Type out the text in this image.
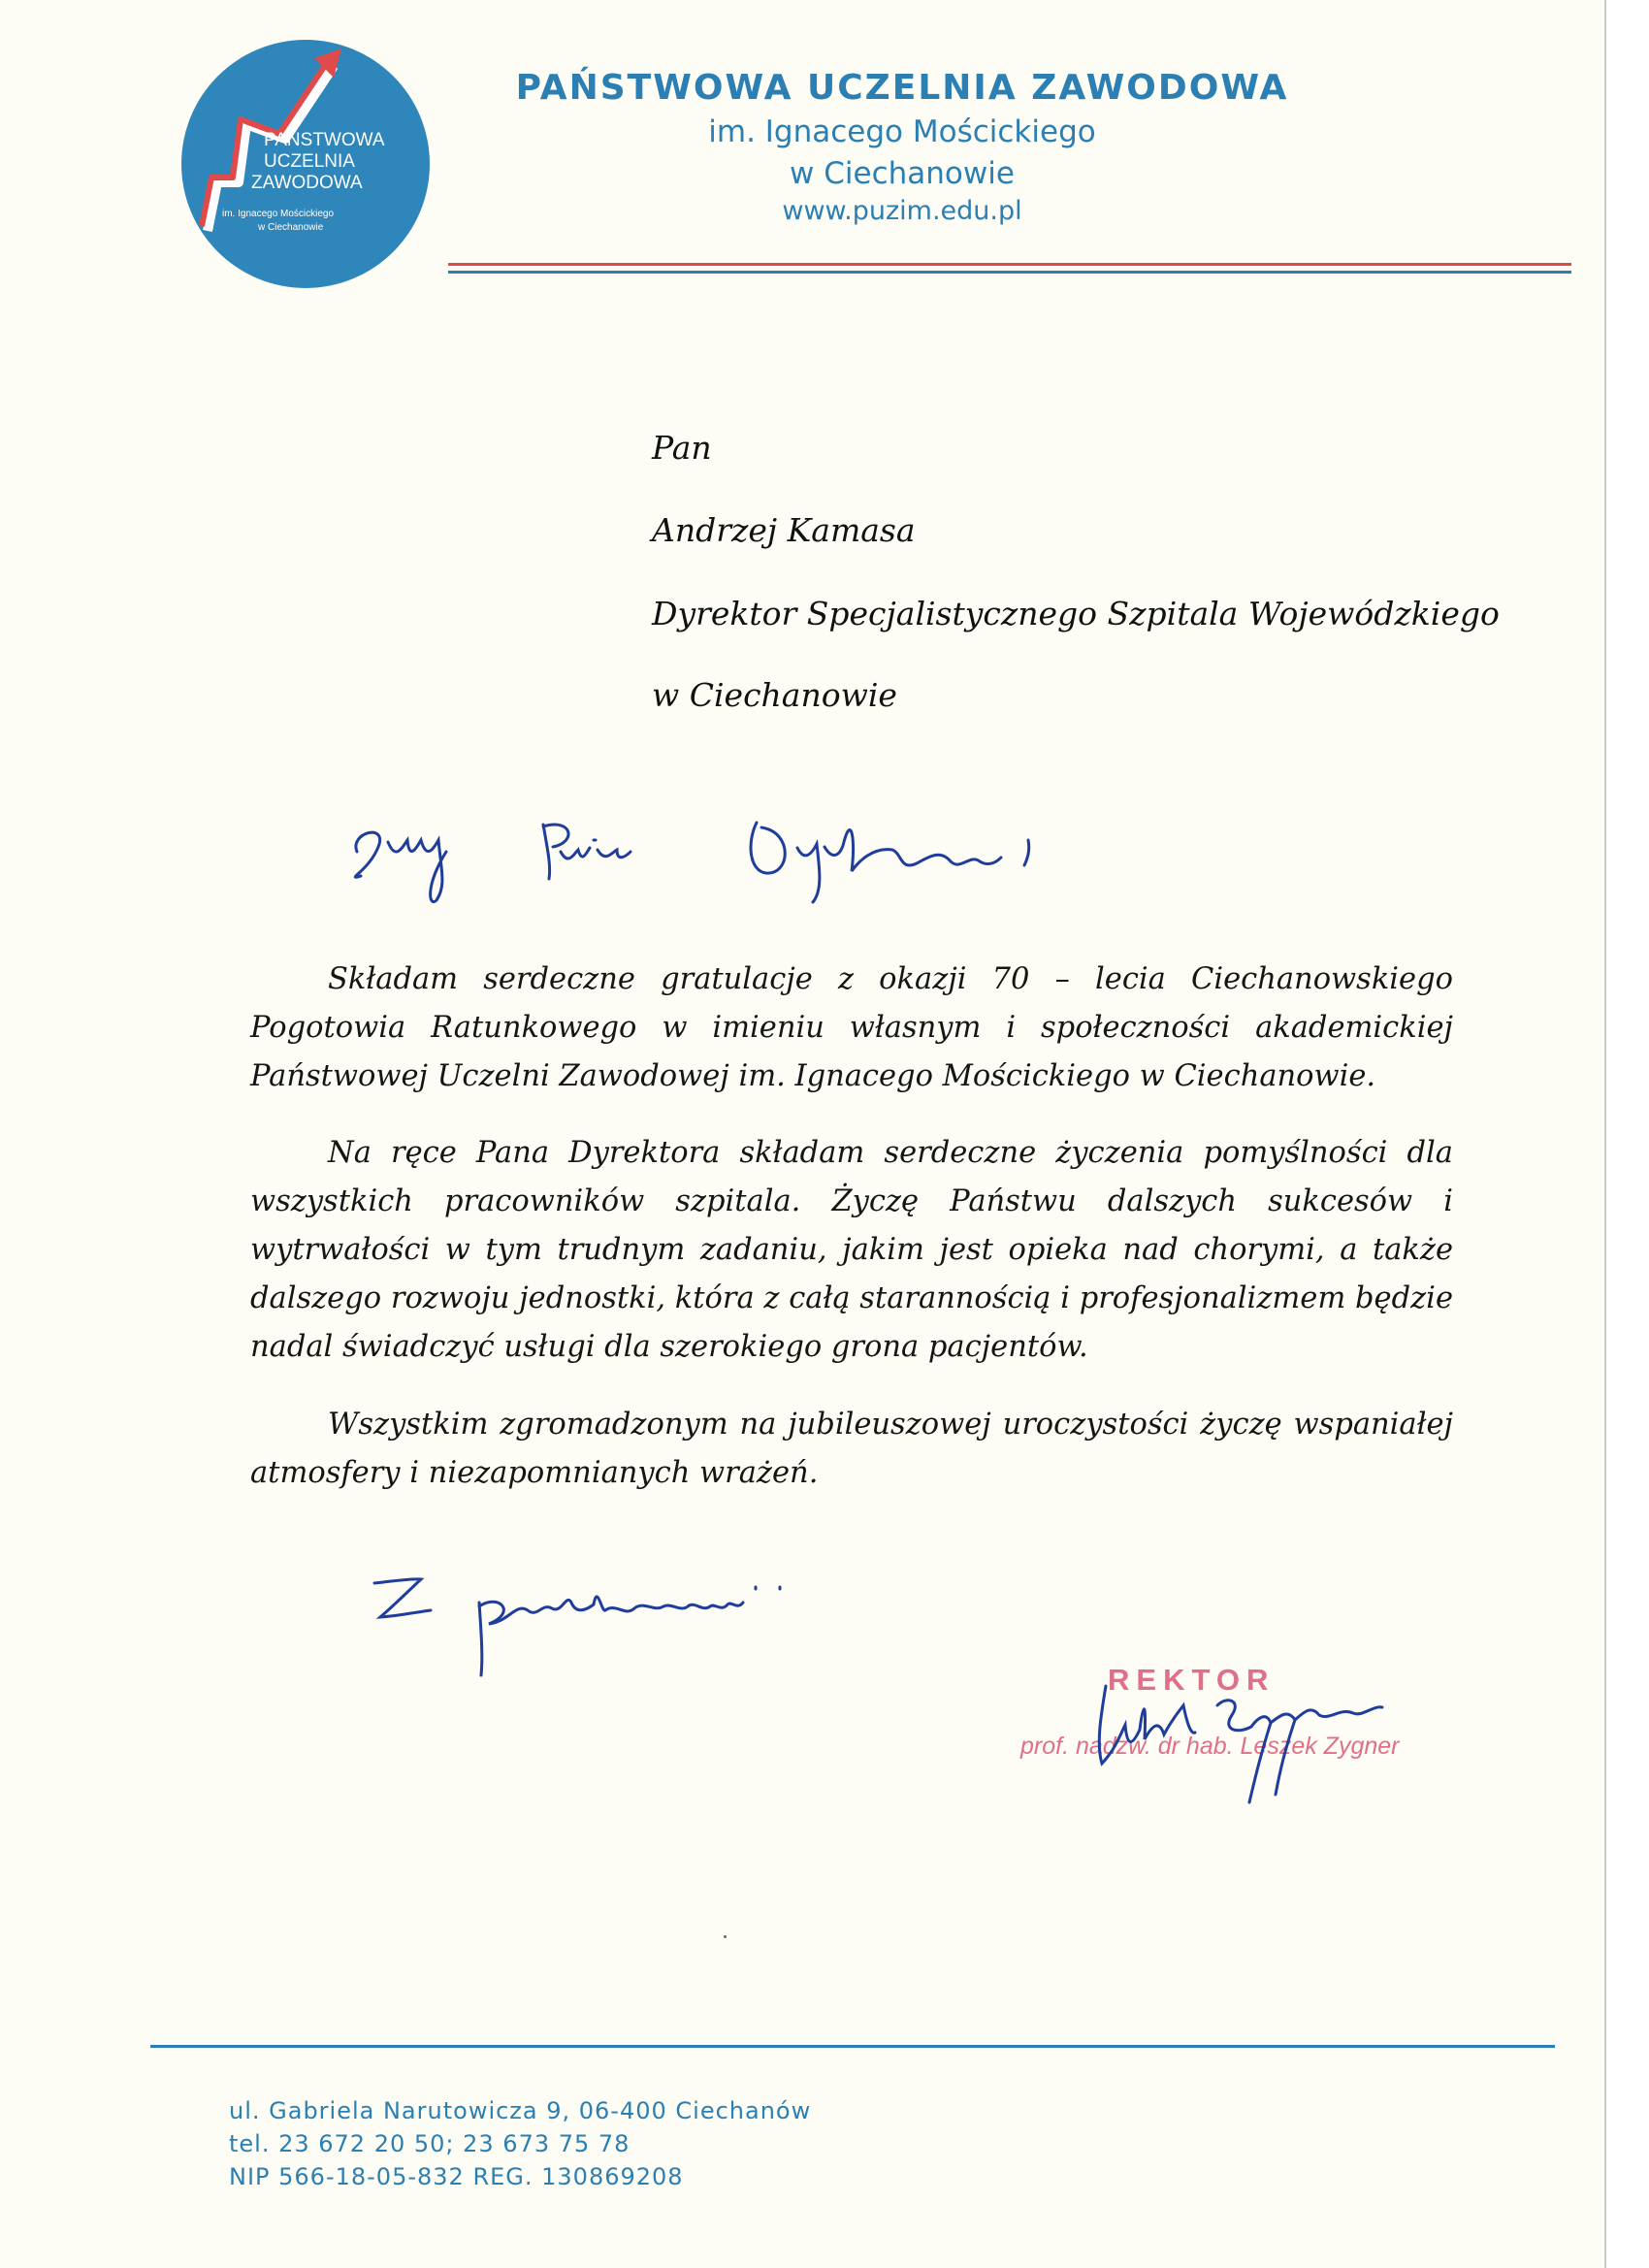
PAŃSTWOWA
UCZELNIA
ZAWODOWA
im. Ignacego Mościckiego
w Ciechanowie
PAŃSTWOWA UCZELNIA ZAWODOWA
im. Ignacego Mościckiego
w Ciechanowie
www.puzim.edu.pl
Pan
Andrzej Kamasa
Dyrektor Specjalistycznego Szpitala Wojewódzkiego
w Ciechanowie
Szanowny Panie Dyrektorze,
Składam serdeczne gratulacje z okazji 70 – lecia Ciechanowskiego Pogotowia Ratunkowego w imieniu własnym i społeczności akademickiej Państwowej Uczelni Zawodowej im. Ignacego Mościckiego w Ciechanowie.
Na ręce Pana Dyrektora składam serdeczne życzenia pomyślności dla wszystkich pracowników szpitala. Życzę Państwu dalszych sukcesów i wytrwałości w tym trudnym zadaniu, jakim jest opieka nad chorymi, a także dalszego rozwoju jednostki, która z całą starannością i profesjonalizmem będzie nadal świadczyć usługi dla szerokiego grona pacjentów.
Wszystkim zgromadzonym na jubileuszowej uroczystości życzę wspaniałej atmosfery i niezapomnianych wrażeń.
Z poważaniem
REKTOR
prof. nadzw. dr hab. Leszek Zygner
ul. Gabriela Narutowicza 9, 06-400 Ciechanów
tel. 23 672 20 50; 23 673 75 78
NIP 566-18-05-832 REG. 130869208
